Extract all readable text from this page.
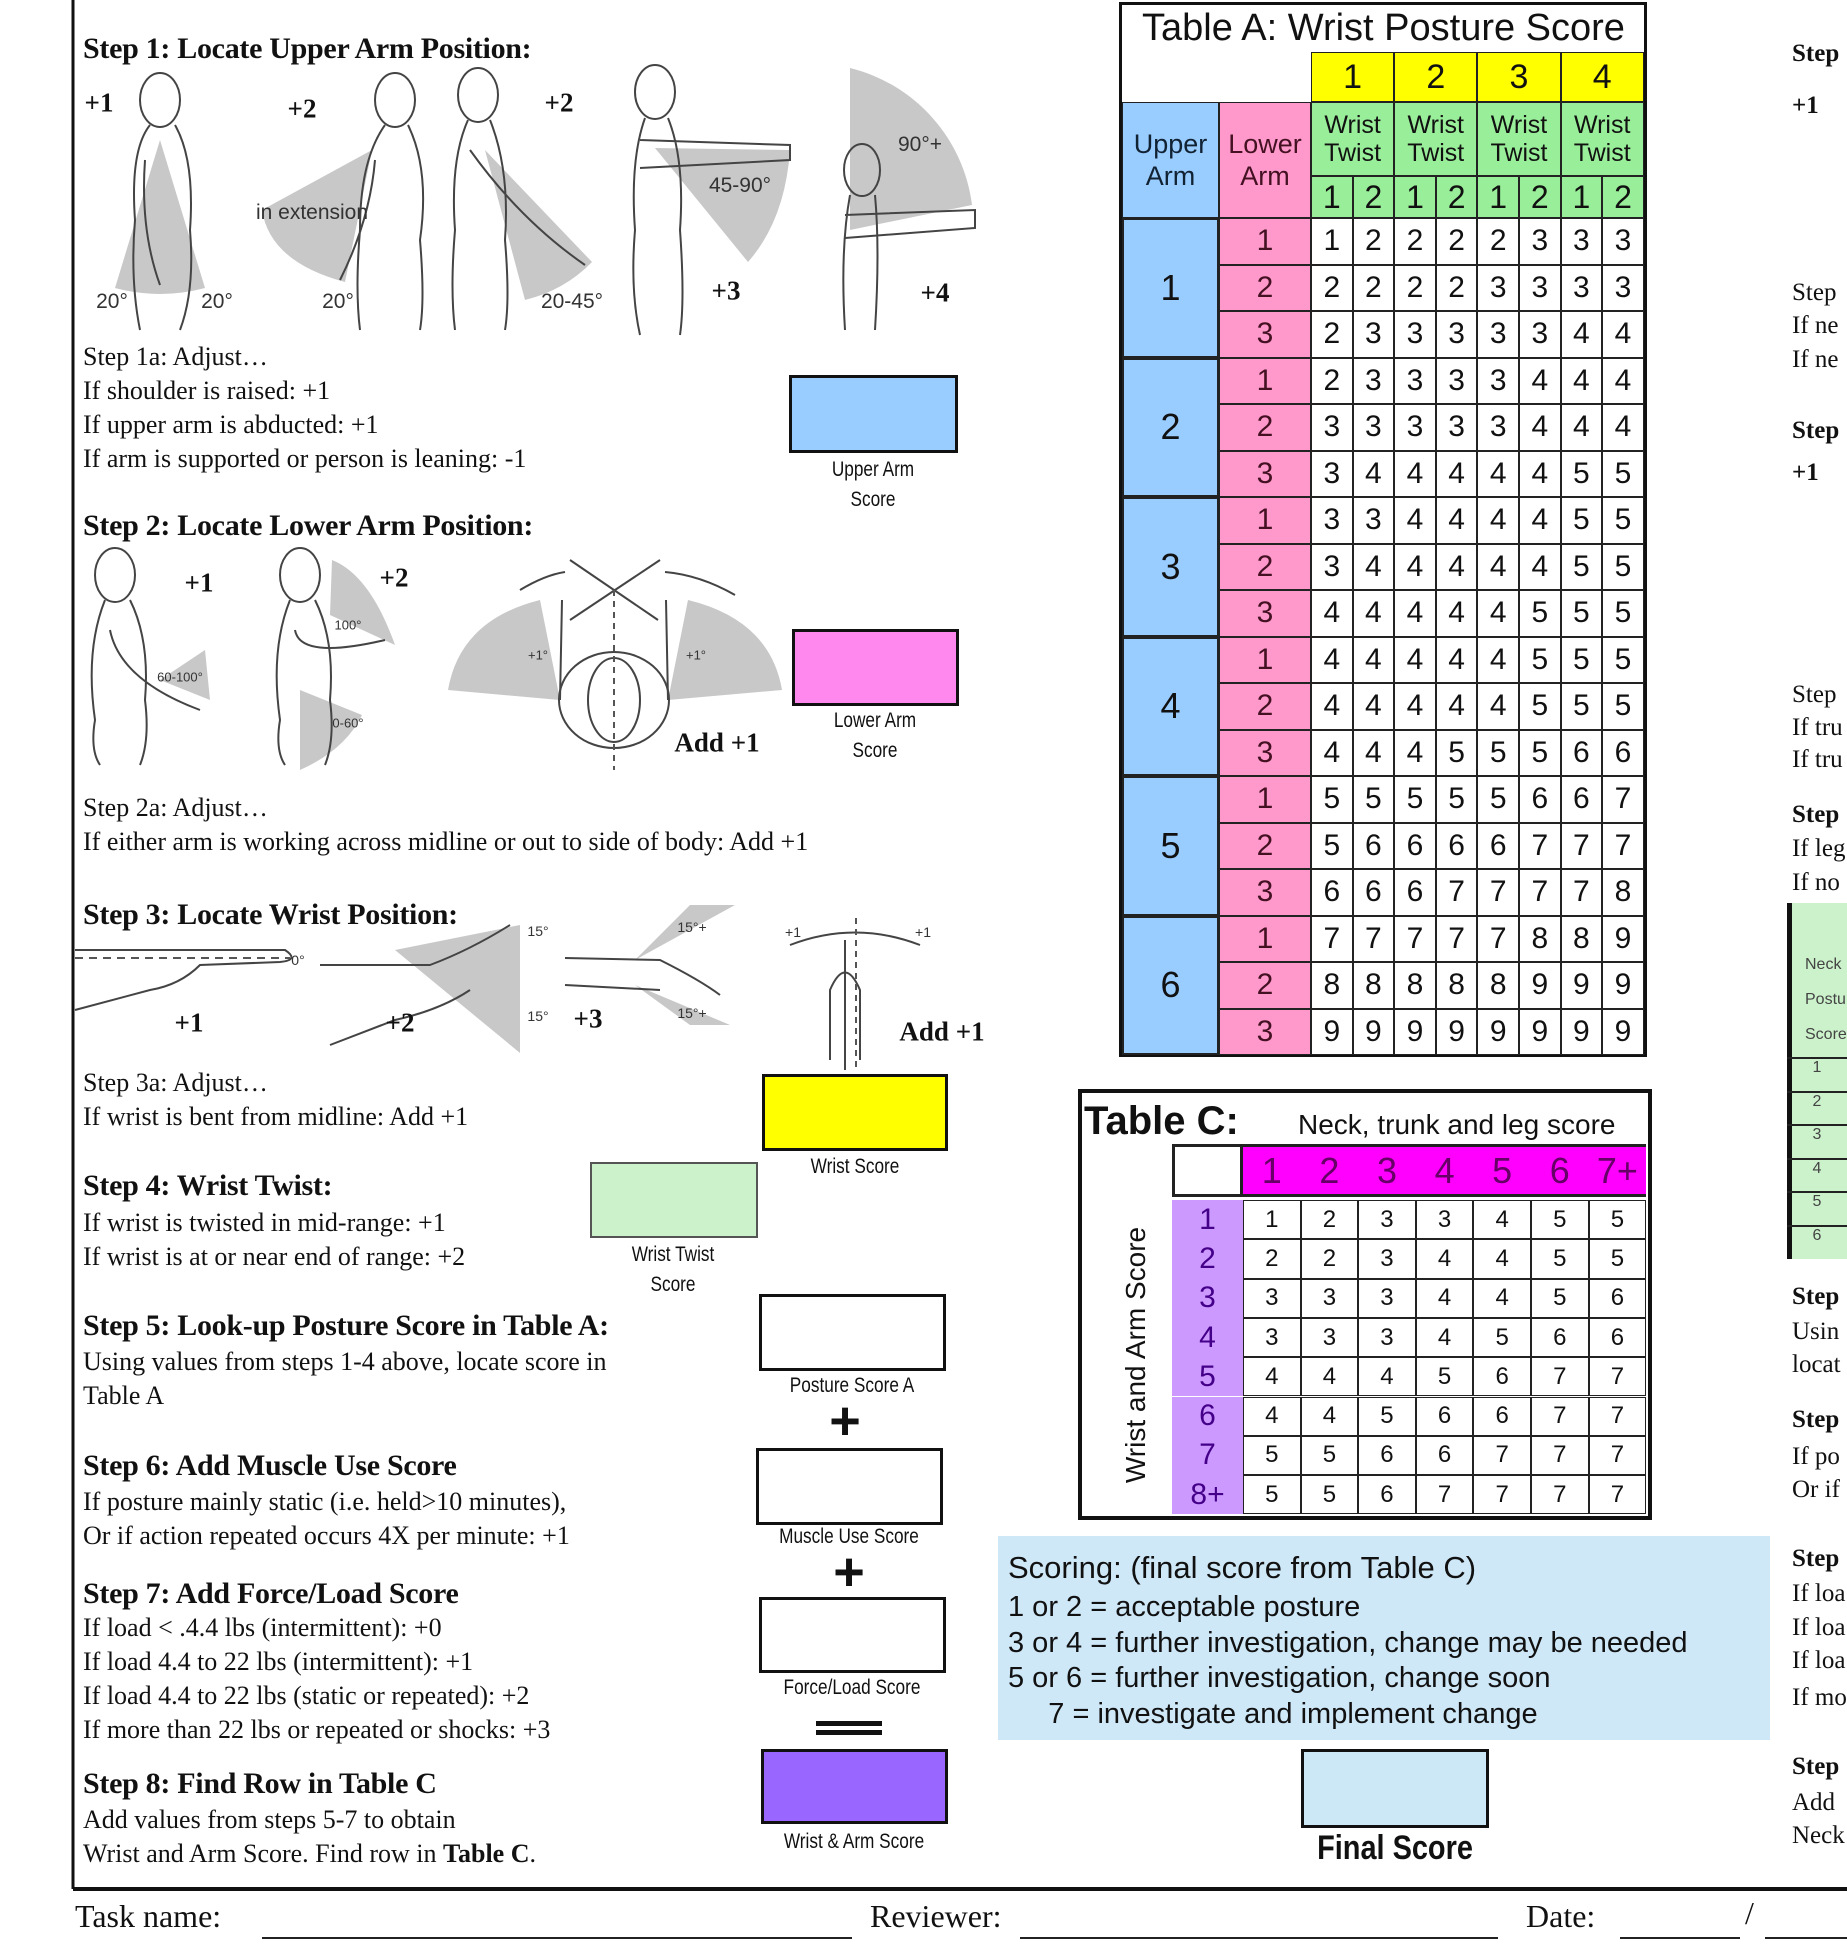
Step 1: Locate Upper Arm Position:
+1	+2	+2
+3	+4
in extension
20°	20°	20°	20-45°
45-90°
90°+
Step 1a: Adjust…
If shoulder is raised: +1
If upper arm is abducted: +1
If arm is supported or person is leaning: -1	Upper Arm
Score
Step 2: Locate Lower Arm Position:
+1	+2
100°
60-100°
0-60°
+1°	+1°
Add +1
Lower Arm
Score
Step 2a: Adjust…
If either arm is working across midline or out to side of body: Add +1
Step 3: Locate Wrist Position:
+1	+2	+3
0°
15°
15°
15°+
15°+
+1	+1
Add +1
Step 3a: Adjust…
If wrist is bent from midline: Add +1
Wrist Score
Step 4: Wrist Twist:
If wrist is twisted in mid-range: +1
If wrist is at or near end of range: +2	Wrist Twist
Score
Step 5: Look-up Posture Score in Table A:
Using values from steps 1-4 above, locate score in
Table A	Posture Score A
+
Step 6: Add Muscle Use Score
If posture mainly static (i.e. held>10 minutes),
Or if action repeated occurs 4X per minute: +1	Muscle Use Score
+
Step 7: Add Force/Load Score
If load < .4.4 lbs (intermittent): +0
If load 4.4 to 22 lbs (intermittent): +1
If load 4.4 to 22 lbs (static or repeated): +2
If more than 22 lbs or repeated or shocks: +3
Force/Load Score
Step 8: Find Row in Table C
Add values from steps 5-7 to obtain
Wrist and Arm Score. Find row in Table C.	Wrist & Arm Score
Table A: Wrist Posture Score
1	2	3	4
Wrist
Twist
1 2
Wrist
Twist
1 2
Wrist
Twist
1 2
Wrist
Twist
1 2
Upper
Arm
Lower
Arm
1
1	1 2 2 2 2 3 3 3
2	2 2 2 2 3 3 3 3
3	2 3 3 3 3 3 4 4
2
1	2 3 3 3 3 4 4 4
2	3 3 3 3 3 4 4 4
3	3 4 4 4 4 4 5 5
3
1	3 3 4 4 4 4 5 5
2	3 4 4 4 4 4 5 5
3	4 4 4 4 4 5 5 5
4
1	4 4 4 4 4 5 5 5
2	4 4 4 4 4 5 5 5
3	4 4 4 5 5 5 6 6
5
1	5 5 5 5 5 6 6 7
2	5 6 6 6 6 7 7 7
3	6 6 6 7 7 7 7 8
6
1	7 7 7 7 7 8 8 9
2	8 8 8 8 8 9 9 9
3	9 9 9 9 9 9 9 9
Table C: Neck, trunk and leg score
Wrist and Arm Score
1	2	3	4	5	6 7+
1	1	2	3	3	4	5	5
2	2	2	3	4	4	5	5
3	3	3	3	4	4	5	6
4	3	3	3	4	5	6	6
5	4	4	4	5	6	7	7
6	4	4	5	6	6	7	7
7	5	5	6	6	7	7	7
8+	5	5	6	7	7	7	7
Scoring: (final score from Table C)
1 or 2 = acceptable posture
3 or 4 = further investigation, change may be needed
5 or 6 = further investigation, change soon
7 = investigate and implement change
Final Score
Task name:	Reviewer:	Date:	/
Step
+1
Step
If ne
If ne
Step
+1
Step
If tru
If tru
Step
If leg
If no
Step
Usin
locat
Step
If po
Or if
Step
If loa
If loa
If loa
If mo
Step
Add
Neck
Neck
Postu
Score
1
2
3
4
5
6
